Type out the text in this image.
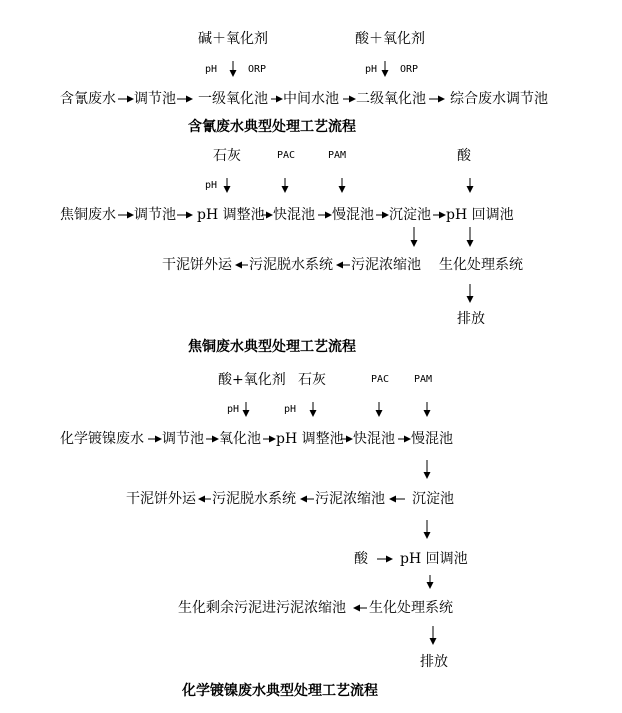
碱＋氧化剂	酸＋氧化剂
pH	ORP	pH ORP
含氰废水 调节池 一级氧化池 中间水池 二级氧化池 综合废水调节池
含氰废水典型处理工艺流程
石灰	PAC	PAM	酸
pH
焦铜废水 调节池 pH 调整池 快混池 慢混池 沉淀池 pH 回调池
干泥饼外运 污泥脱水系统 污泥浓缩池 生化处理系统
排放
焦铜废水典型处理工艺流程
酸+氧化剂 石灰	PAC PAM
pH	pH
化学镀镍废水 调节池 氧化池 pH 调整池 快混池 慢混池
干泥饼外运 污泥脱水系统 污泥浓缩池 沉淀池
酸 pH 回调池
生化剩余污泥进污泥浓缩池 生化处理系统
排放
化学镀镍废水典型处理工艺流程
